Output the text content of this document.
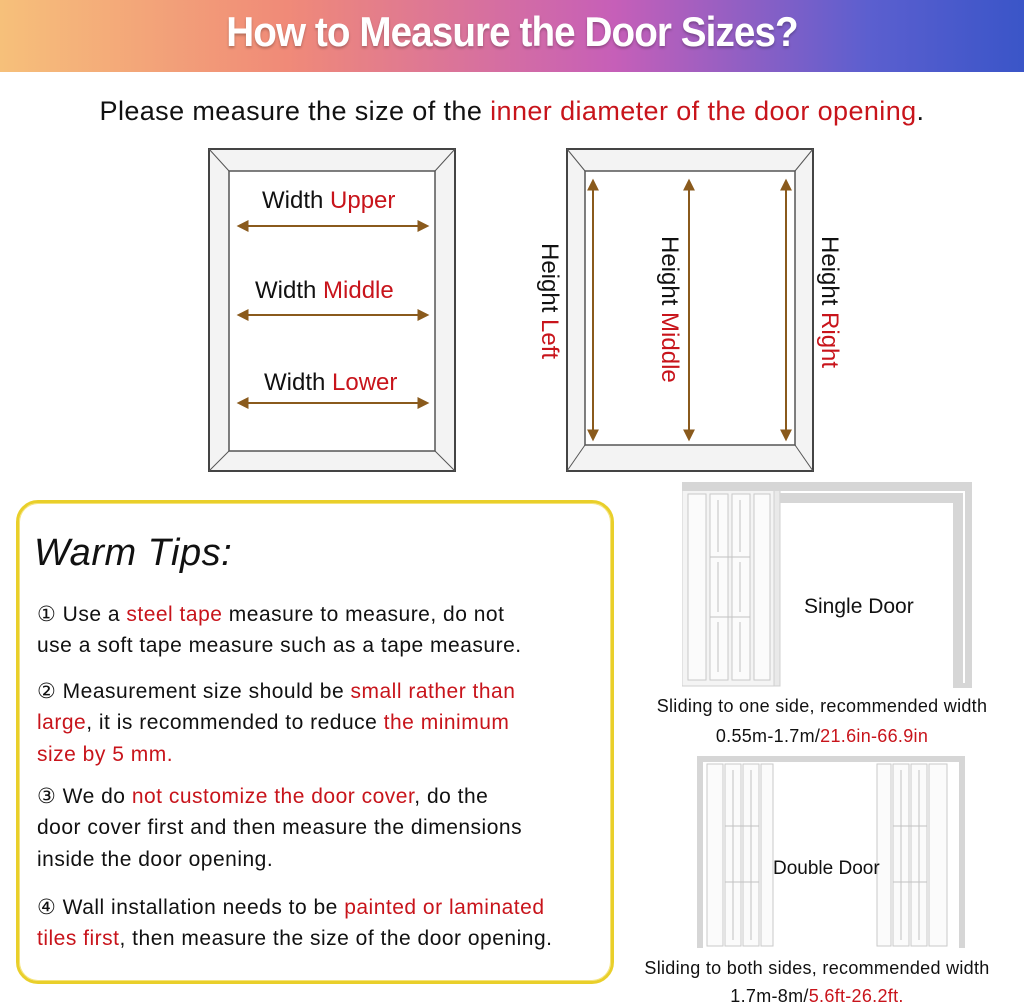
How to Measure the Door Sizes?
Please measure the size of the inner diameter of the door opening.
Width Upper
Width Middle
Width Lower
Height Left
Height Middle
Height Right
Warm Tips:
① Use a steel tape measure to measure, do not
use a soft tape measure such as a tape measure.
② Measurement size should be small rather than
large, it is recommended to reduce the minimum
size by 5 mm.
③ We do not customize the door cover, do the
door cover first and then measure the dimensions
inside the door opening.
④ Wall installation needs to be painted or laminated
tiles first, then measure the size of the door opening.
Single Door
Sliding to one side, recommended width
0.55m-1.7m/21.6in-66.9in
Double Door
Sliding to both sides, recommended width
1.7m-8m/5.6ft-26.2ft.
